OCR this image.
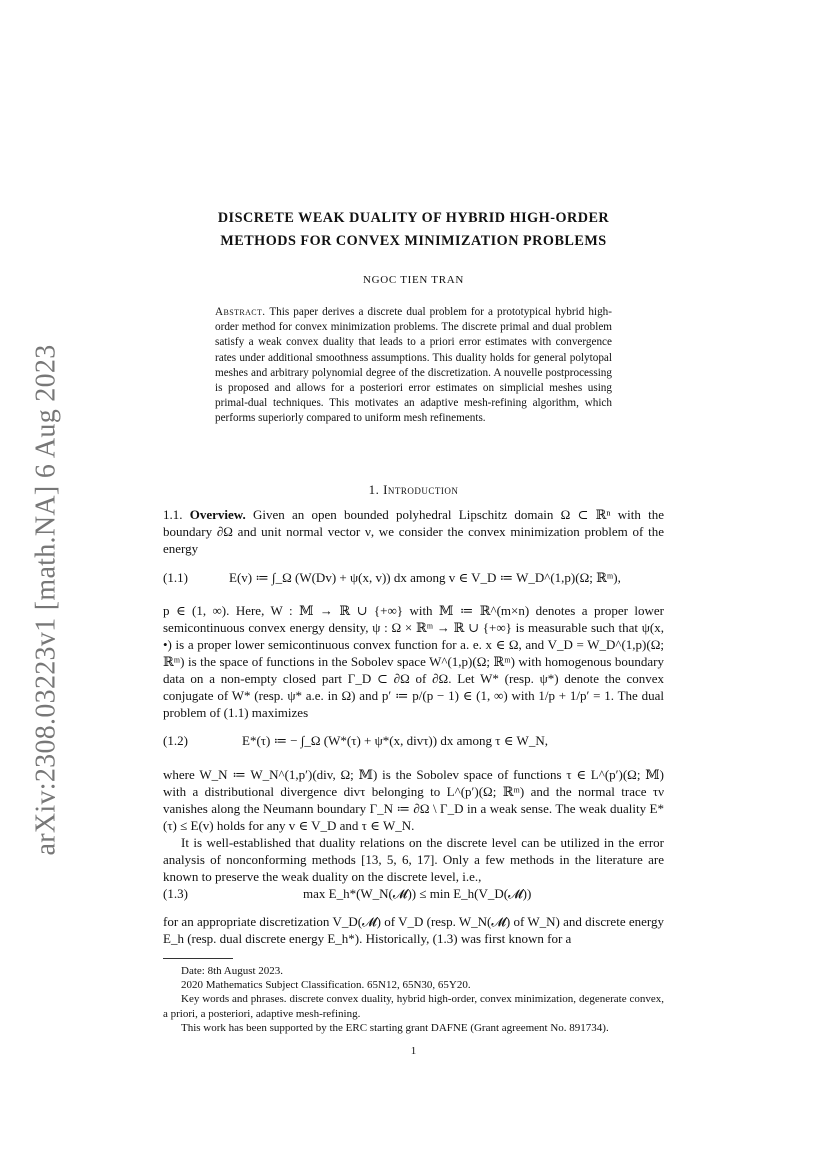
arXiv:2308.03223v1 [math.NA] 6 Aug 2023
DISCRETE WEAK DUALITY OF HYBRID HIGH-ORDER
METHODS FOR CONVEX MINIMIZATION PROBLEMS
NGOC TIEN TRAN
Abstract. This paper derives a discrete dual problem for a prototypical hybrid high-order method for convex minimization problems. The discrete primal and dual problem satisfy a weak convex duality that leads to a priori error estimates with convergence rates under additional smoothness assumptions. This duality holds for general polytopal meshes and arbitrary polynomial degree of the discretization. A nouvelle postprocessing is proposed and allows for a posteriori error estimates on simplicial meshes using primal-dual techniques. This motivates an adaptive mesh-refining algorithm, which performs superiorly compared to uniform mesh refinements.
1. Introduction
1.1. Overview. Given an open bounded polyhedral Lipschitz domain Ω ⊂ ℝⁿ with the boundary ∂Ω and unit normal vector ν, we consider the convex minimization problem of the energy
(1.1)	E(v) ≔ ∫_Ω (W(Dv) + ψ(x, v)) dx among v ∈ V_D ≔ W_D^(1,p)(Ω; ℝᵐ),
p ∈ (1, ∞). Here, W : 𝕄 → ℝ ∪ {+∞} with 𝕄 ≔ ℝ^(m×n) denotes a proper lower semicontinuous convex energy density, ψ : Ω × ℝᵐ → ℝ ∪ {+∞} is measurable such that ψ(x, •) is a proper lower semicontinuous convex function for a. e. x ∈ Ω, and V_D = W_D^(1,p)(Ω; ℝᵐ) is the space of functions in the Sobolev space W^(1,p)(Ω; ℝᵐ) with homogenous boundary data on a non-empty closed part Γ_D ⊂ ∂Ω of ∂Ω. Let W* (resp. ψ*) denote the convex conjugate of W* (resp. ψ* a.e. in Ω) and p′ ≔ p/(p − 1) ∈ (1, ∞) with 1/p + 1/p′ = 1. The dual problem of (1.1) maximizes
(1.2)	E*(τ) ≔ − ∫_Ω (W*(τ) + ψ*(x, divτ)) dx among τ ∈ W_N,
where W_N ≔ W_N^(1,p′)(div, Ω; 𝕄) is the Sobolev space of functions τ ∈ L^(p′)(Ω; 𝕄) with a distributional divergence divτ belonging to L^(p′)(Ω; ℝᵐ) and the normal trace τν vanishes along the Neumann boundary Γ_N ≔ ∂Ω \ Γ_D in a weak sense. The weak duality E*(τ) ≤ E(v) holds for any v ∈ V_D and τ ∈ W_N.
It is well-established that duality relations on the discrete level can be utilized in the error analysis of nonconforming methods [13, 5, 6, 17]. Only a few methods in the literature are known to preserve the weak duality on the discrete level, i.e.,
(1.3)	max E_h*(W_N(𝓜)) ≤ min E_h(V_D(𝓜))
for an appropriate discretization V_D(𝓜) of V_D (resp. W_N(𝓜) of W_N) and discrete energy E_h (resp. dual discrete energy E_h*). Historically, (1.3) was first known for a

Date: 8th August 2023.

2020 Mathematics Subject Classification. 65N12, 65N30, 65Y20.

Key words and phrases. discrete convex duality, hybrid high-order, convex minimization, degenerate convex, a priori, a posteriori, adaptive mesh-refining.

This work has been supported by the ERC starting grant DAFNE (Grant agreement No. 891734).

1
